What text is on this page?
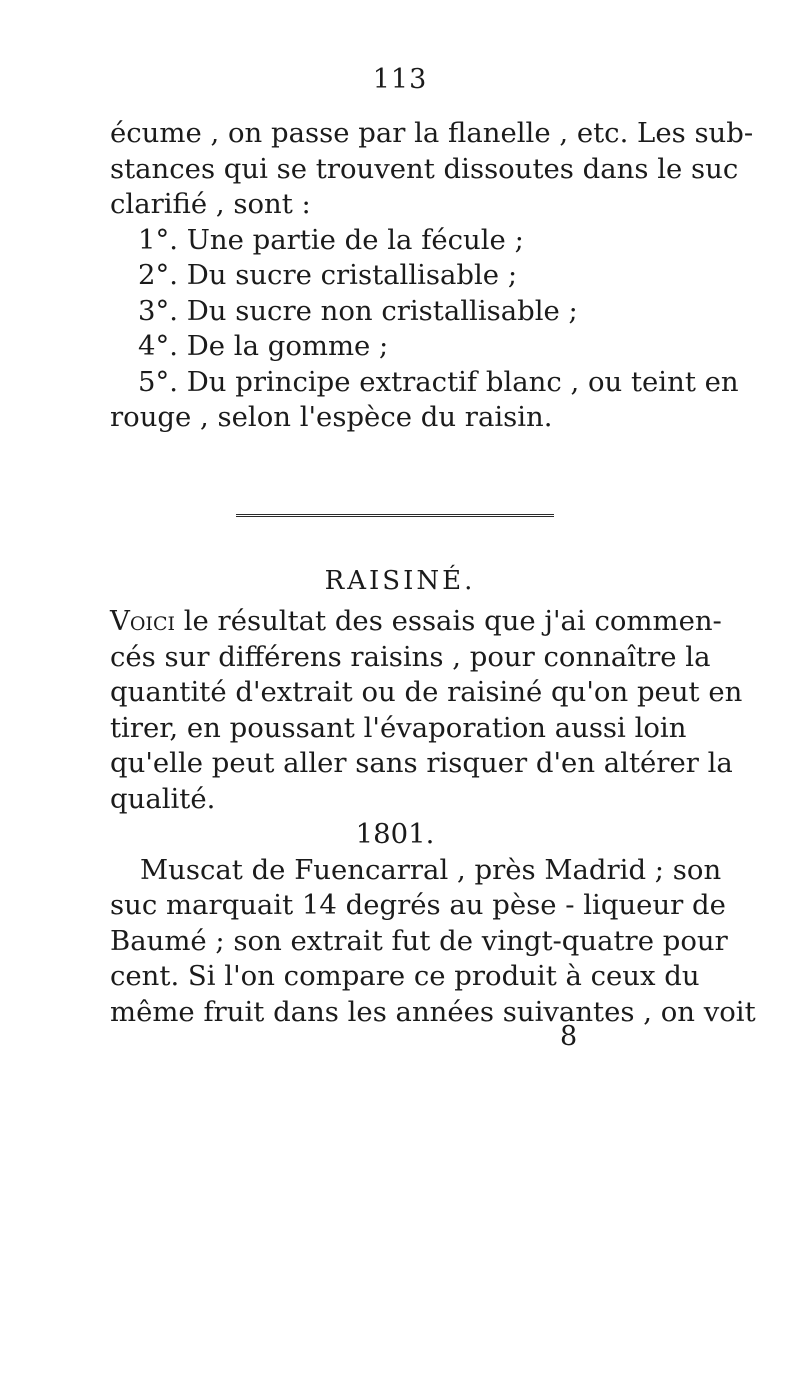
113
écume , on passe par la flanelle , etc. Les sub-
stances qui se trouvent dissoutes dans le suc
clarifié , sont :
1°. Une partie de la fécule ;
2°. Du sucre cristallisable ;
3°. Du sucre non cristallisable ;
4°. De la gomme ;
5°. Du principe extractif blanc , ou teint en
rouge , selon l'espèce du raisin.
RAISINÉ.
Voici le résultat des essais que j'ai commen-
cés sur différens raisins , pour connaître la
quantité d'extrait ou de raisiné qu'on peut en
tirer, en poussant l'évaporation aussi loin
qu'elle peut aller sans risquer d'en altérer la
qualité.
1801.
Muscat de Fuencarral , près Madrid ; son
suc marquait 14 degrés au pèse - liqueur de
Baumé ; son extrait fut de vingt-quatre pour
cent. Si l'on compare ce produit à ceux du
même fruit dans les années suivantes , on voit
8
